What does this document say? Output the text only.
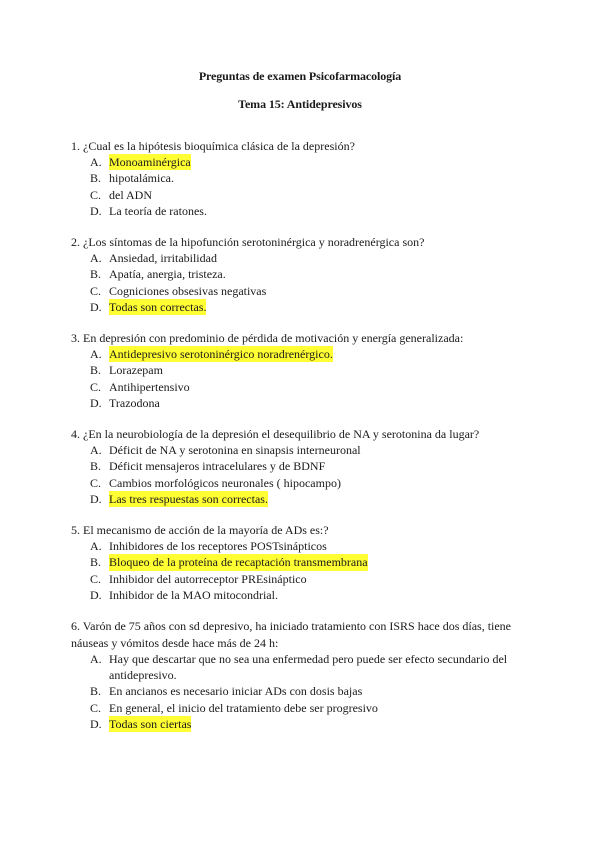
Preguntas de examen Psicofarmacología
Tema 15: Antidepresivos
1. ¿Cual es la hipótesis bioquímica clásica de la depresión?
A. Monoaminérgica
B. hipotalámica.
C. del ADN
D. La teoría de ratones.
2. ¿Los síntomas de la hipofunción serotoninérgica y noradrenérgica son?
A. Ansiedad, irritabilidad
B. Apatía, anergia, tristeza.
C. Cogniciones obsesivas negativas
D. Todas son correctas.
3. En depresión con predominio de pérdida de motivación y energía generalizada:
A. Antidepresivo serotoninérgico noradrenérgico.
B. Lorazepam
C. Antihipertensivo
D. Trazodona
4. ¿En la neurobiología de la depresión el desequilibrio de NA y serotonina da lugar?
A. Déficit de NA y serotonina en sinapsis interneuronal
B. Déficit mensajeros intracelulares y de BDNF
C. Cambios morfológicos neuronales ( hipocampo)
D. Las tres respuestas son correctas.
5. El mecanismo de acción de la mayoría de ADs es:?
A. Inhibidores de los receptores POSTsinápticos
B. Bloqueo de la proteína de recaptación transmembrana
C. Inhibidor del autorreceptor PREsináptico
D. Inhibidor de la MAO mitocondrial.
6. Varón de 75 años con sd depresivo, ha iniciado tratamiento con ISRS hace dos días, tiene náuseas y vómitos desde hace más de 24 h:
A. Hay que descartar que no sea una enfermedad pero puede ser efecto secundario del antidepresivo.
B. En ancianos es necesario iniciar ADs con dosis bajas
C. En general, el inicio del tratamiento debe ser progresivo
D. Todas son ciertas
